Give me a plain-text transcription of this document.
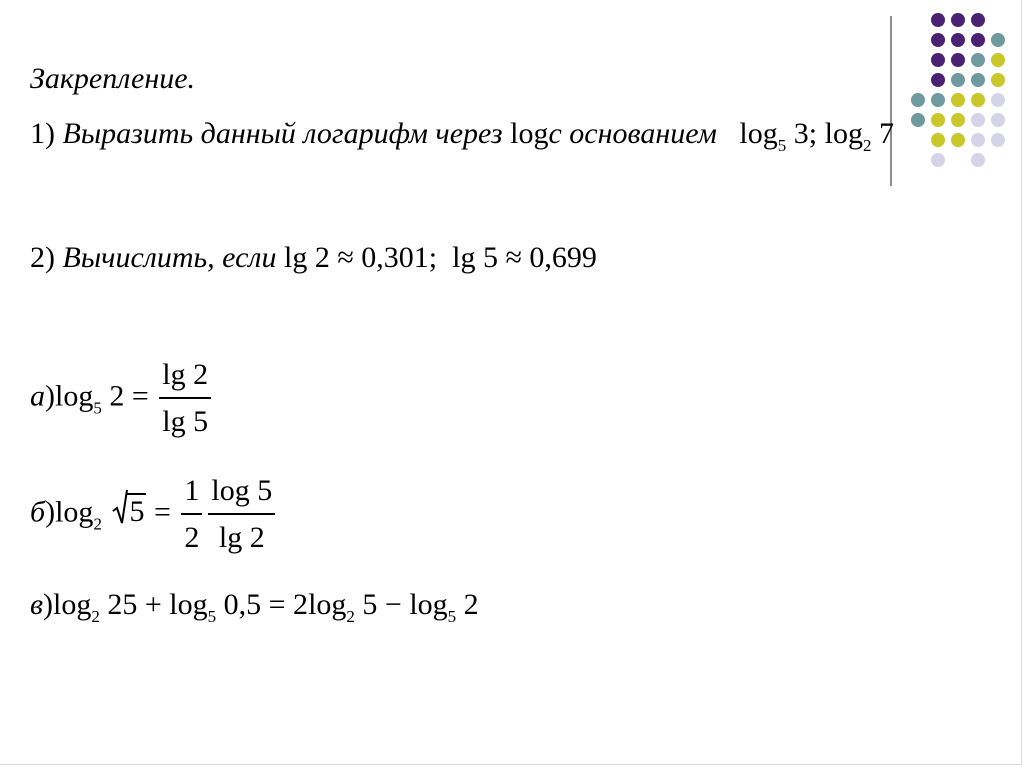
Закрепление.
1) Выразить данный логарифм через logс основанием $\log_5 3$; $\log_2 7$
2) Вычислить, если lg 2 ≈ 0,301;  lg 5 ≈ 0,699
$а)\log_5$ $2 = \frac{\lg 2}{\lg 5}$
$б)\log_2$ $5 = \frac{1}{2} \frac{\log 5}{\lg 2}$
$в)\log_2$ $25 + \log_5 0,5 = 2\log_2$ $5 - \log_5 2$
